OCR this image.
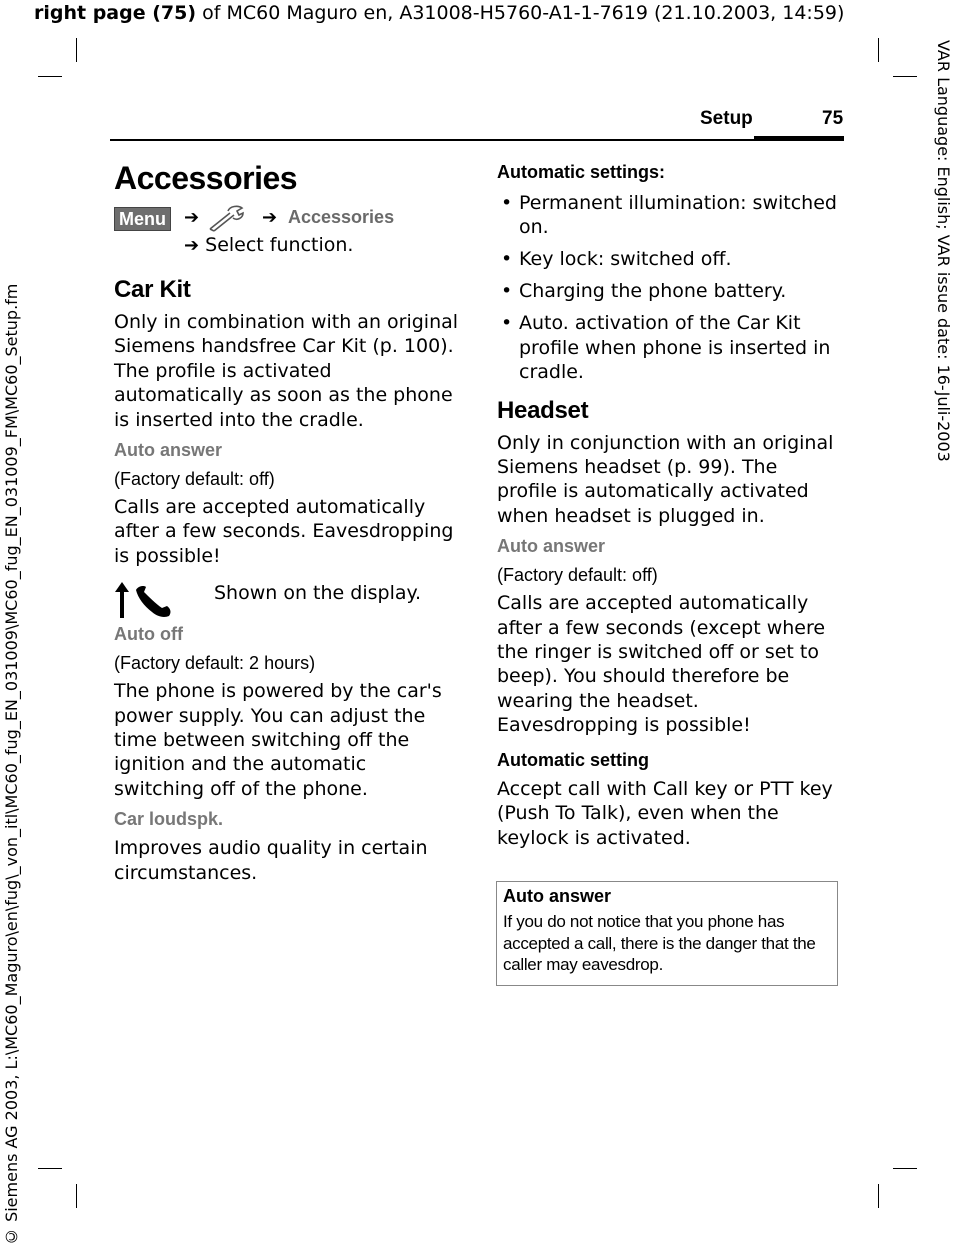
right page (75) of MC60 Maguro en, A31008-H5760-A1-1-7619 (21.10.2003, 14:59)
VAR Language: English; VAR issue date: 16-Juli-2003
© Siemens AG 2003, L:\MC60_Maguro\en\fug\_von_itl\MC60_fug_EN_031009\MC60_fug_EN_031009_FM\MC60_Setup.fm
Setup	75
Accessories
Menu ➔	➔ Accessories
➔ Select function.
Car Kit

Only in combination with an original Siemens handsfree Car Kit (p. 100). The profile is activated automatically as soon as the phone is inserted into the cradle.

Auto answer
(Factory default: off)

Calls are accepted automatically after a few seconds. Eavesdropping is possible!

Shown on the display.
Auto off
(Factory default: 2 hours)

The phone is powered by the car's power supply. You can adjust the time between switching off the ignition and the automatic switching off of the phone.

Car loudspk.

Improves audio quality in certain circumstances.

Automatic settings:
• Permanent illumination: switched on.
• Key lock: switched off.
• Charging the phone battery.
• Auto. activation of the Car Kit profile when phone is inserted in cradle.
Headset

Only in conjunction with an original Siemens headset (p. 99). The profile is automatically activated when headset is plugged in.

Auto answer
(Factory default: off)

Calls are accepted automatically after a few seconds (except where the ringer is switched off or set to beep). You should therefore be wearing the headset. Eavesdropping is possible!

Automatic setting

Accept call with Call key or PTT key (Push To Talk), even when the keylock is activated.

Auto answer
If you do not notice that you phone has accepted a call, there is the danger that the caller may eavesdrop.
